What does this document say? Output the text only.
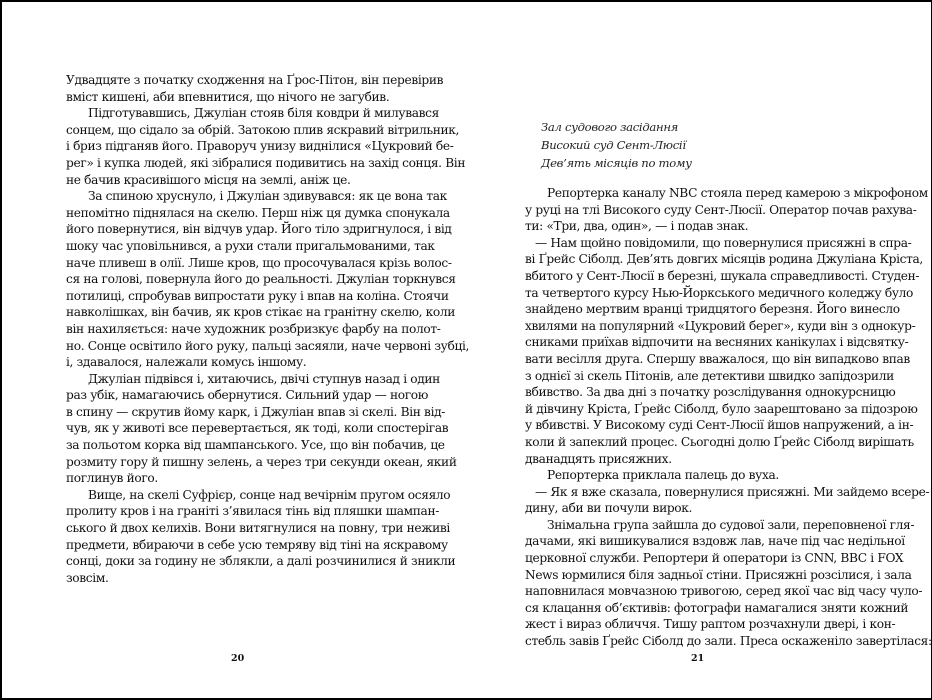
Удвадцяте з початку сходження на Ґрос-Пітон, він перевірив
вміст кишені, аби впевнитися, що нічого не загубив.
Підготувавшись, Джуліан стояв біля ковдри й милувався
сонцем, що сідало за обрій. Затокою плив яскравий вітрильник,
і бриз підганяв його. Праворуч унизу виднілися «Цукровий бе-
рег» і купка людей, які зібралися подивитись на захід сонця. Він
не бачив красивішого місця на землі, аніж це.
За спиною хруснуло, і Джуліан здивувався: як це вона так
непомітно піднялася на скелю. Перш ніж ця думка спонукала
його повернутися, він відчув удар. Його тіло здригнулося, і від
шоку час уповільнився, а рухи стали пригальмованими, так
наче пливеш в олії. Лише кров, що просочувалася крізь волос-
ся на голові, повернула його до реальності. Джуліан торкнувся
потилиці, спробував випростати руку і впав на коліна. Стоячи
навколішках, він бачив, як кров стікає на гранітну скелю, коли
він нахиляється: наче художник розбризкує фарбу на полот-
но. Сонце освітило його руку, пальці засяяли, наче червоні зубці,
і, здавалося, належали комусь іншому.
Джуліан підвівся і, хитаючись, двічі ступнув назад і один
раз убік, намагаючись обернутися. Сильний удар — ногою
в спину — скрутив йому карк, і Джуліан впав зі скелі. Він від-
чув, як у животі все перевертається, як тоді, коли спостерігав
за польотом корка від шампанського. Усе, що він побачив, це
розмиту гору й пишну зелень, а через три секунди океан, який
поглинув його.
Вище, на скелі Суфрієр, сонце над вечірнім пругом осяяло
пролиту кров і на граніті з’явилася тінь від пляшки шампан-
ського й двох келихів. Вони витягнулися на повну, три неживі
предмети, вбираючи в себе усю темряву від тіні на яскравому
сонці, доки за годину не зблякли, а далі розчинилися й зникли
зовсім.
20
Зал судового засідання
Високий суд Сент-Люсії
Дев’ять місяців по тому
Репортерка каналу NBC стояла перед камерою з мікрофоном
у руці на тлі Високого суду Сент-Люсії. Оператор почав рахува-
ти: «Три, два, один», — і подав знак.
— Нам щойно повідомили, що повернулися присяжні в спра-
ві Ґрейс Сіболд. Дев’ять довгих місяців родина Джуліана Кріста,
вбитого у Сент-Люсії в березні, шукала справедливості. Студен-
та четвертого курсу Нью-Йоркського медичного коледжу було
знайдено мертвим вранці тридцятого березня. Його винесло
хвилями на популярний «Цукровий берег», куди він з однокур-
сниками приїхав відпочити на весняних канікулах і відсвятку-
вати весілля друга. Спершу вважалося, що він випадково впав
з однієї зі скель Пітонів, але детективи швидко запідозрили
вбивство. За два дні з початку розслідування однокурсницю
й дівчину Кріста, Ґрейс Сіболд, було заарештовано за підозрою
у вбивстві. У Високому суді Сент-Люсії йшов напружений, а ін-
коли й запеклий процес. Сьогодні долю Ґрейс Сіболд вирішать
дванадцять присяжних.
Репортерка приклала палець до вуха.
— Як я вже сказала, повернулися присяжні. Ми зайдемо всере-
дину, аби ви почули вирок.
Знімальна група зайшла до судової зали, переповненої гля-
дачами, які вишикувалися вздовж лав, наче під час недільної
церковної служби. Репортери й оператори із CNN, BBC і FOX
News юрмилися біля задньої стіни. Присяжні розсілися, і зала
наповнилася мовчазною тривогою, серед якої час від часу чуло-
ся клацання об’єктивів: фотографи намагалися зняти кожний
жест і вираз обличчя. Тишу раптом розчахнули двері, і кон-
стебль завів Ґрейс Сіболд до зали. Преса оскаженіло завертілася:
21
